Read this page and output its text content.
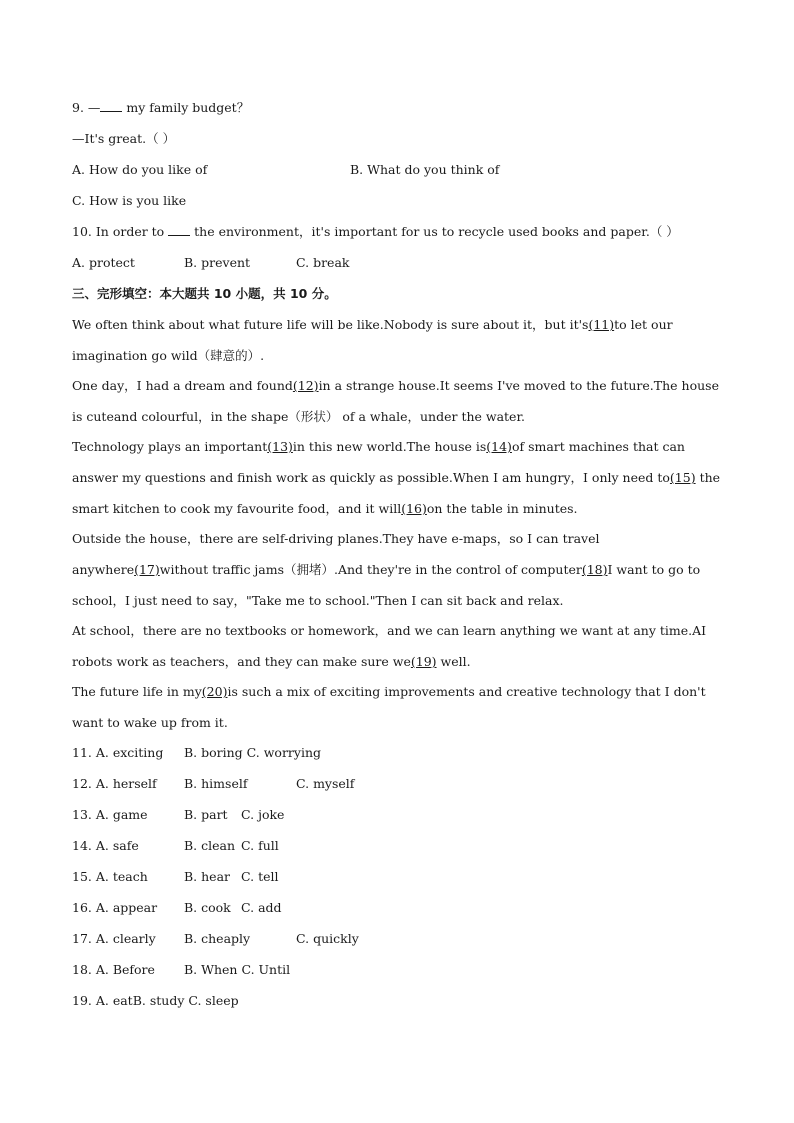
9. — my family budget？
—It's great.（ ）
A. How do you like of	B. What do you think of
C. How is you like
10. In order to  the environment，it's important for us to recycle used books and paper.（ ）
A. protect	B. prevent	C. break
三、完形填空：本大题共 10 小题，共 10 分。
We often think about what future life will be like.Nobody is sure about it，but it's(11)to let our imagination go wild（肆意的）.
One day，I had a dream and found(12)in a strange house.It seems I've moved to the future.The house is cuteand colourful，in the shape（形状） of a whale，under the water.
Technology plays an important(13)in this new world.The house is(14)of smart machines that can answer my questions and finish work as quickly as possible.When I am hungry，I only need to(15) the smart kitchen to cook my favourite food，and it will(16)on the table in minutes.
Outside the house，there are self-driving planes.They have e-maps，so I can travel anywhere(17)without traffic jams（拥堵）.And they're in the control of computer(18)I want to go to school，I just need to say，"Take me to school."Then I can sit back and relax.
At school，there are no textbooks or homework，and we can learn anything we want at any time.AI robots work as teachers，and they can make sure we(19) well.
The future life in my(20)is such a mix of exciting improvements and creative technology that I don't want to wake up from it.
11. A. exciting B. boring C. worrying
12. A. herself B. himself	C. myself
13. A. game	B. part C. joke
14. A. safe	B. clean C. full
15. A. teach	B. hear C. tell
16. A. appear B. cook C. add
17. A. clearly B. cheaply	C. quickly
18. A. Before B. When C. Until
19. A. eatB. study C. sleep
